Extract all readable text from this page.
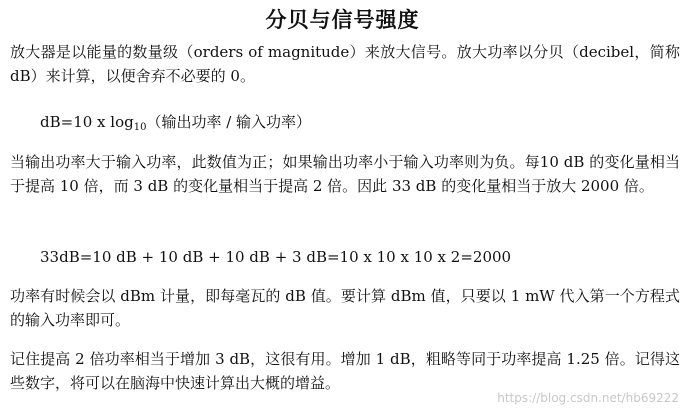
分贝与信号强度

放大器是以能量的数量级（orders of magnitude）来放大信号。放大功率以分贝（decibel，简称 dB）来计算，以便舍弃不必要的 0。

dB=10 x $\log_{10}$（输出功率 / 输入功率）

当输出功率大于输入功率，此数值为正；如果输出功率小于输入功率则为负。每10 dB 的变化量相当于提高 10 倍，而 3 dB 的变化量相当于提高 2 倍。因此 33 dB 的变化量相当于放大 2000 倍。

33dB=10 dB + 10 dB + 10 dB + 3 dB=10 x 10 x 10 x 2=2000

功率有时候会以 dBm 计量，即每毫瓦的 dB 值。要计算 dBm 值，只要以 1 mW 代入第一个方程式的输入功率即可。

记住提高 2 倍功率相当于增加 3 dB，这很有用。增加 1 dB，粗略等同于功率提高 1.25 倍。记得这些数字，将可以在脑海中快速计算出大概的增益。

https://blog.csdn.net/hb69222
